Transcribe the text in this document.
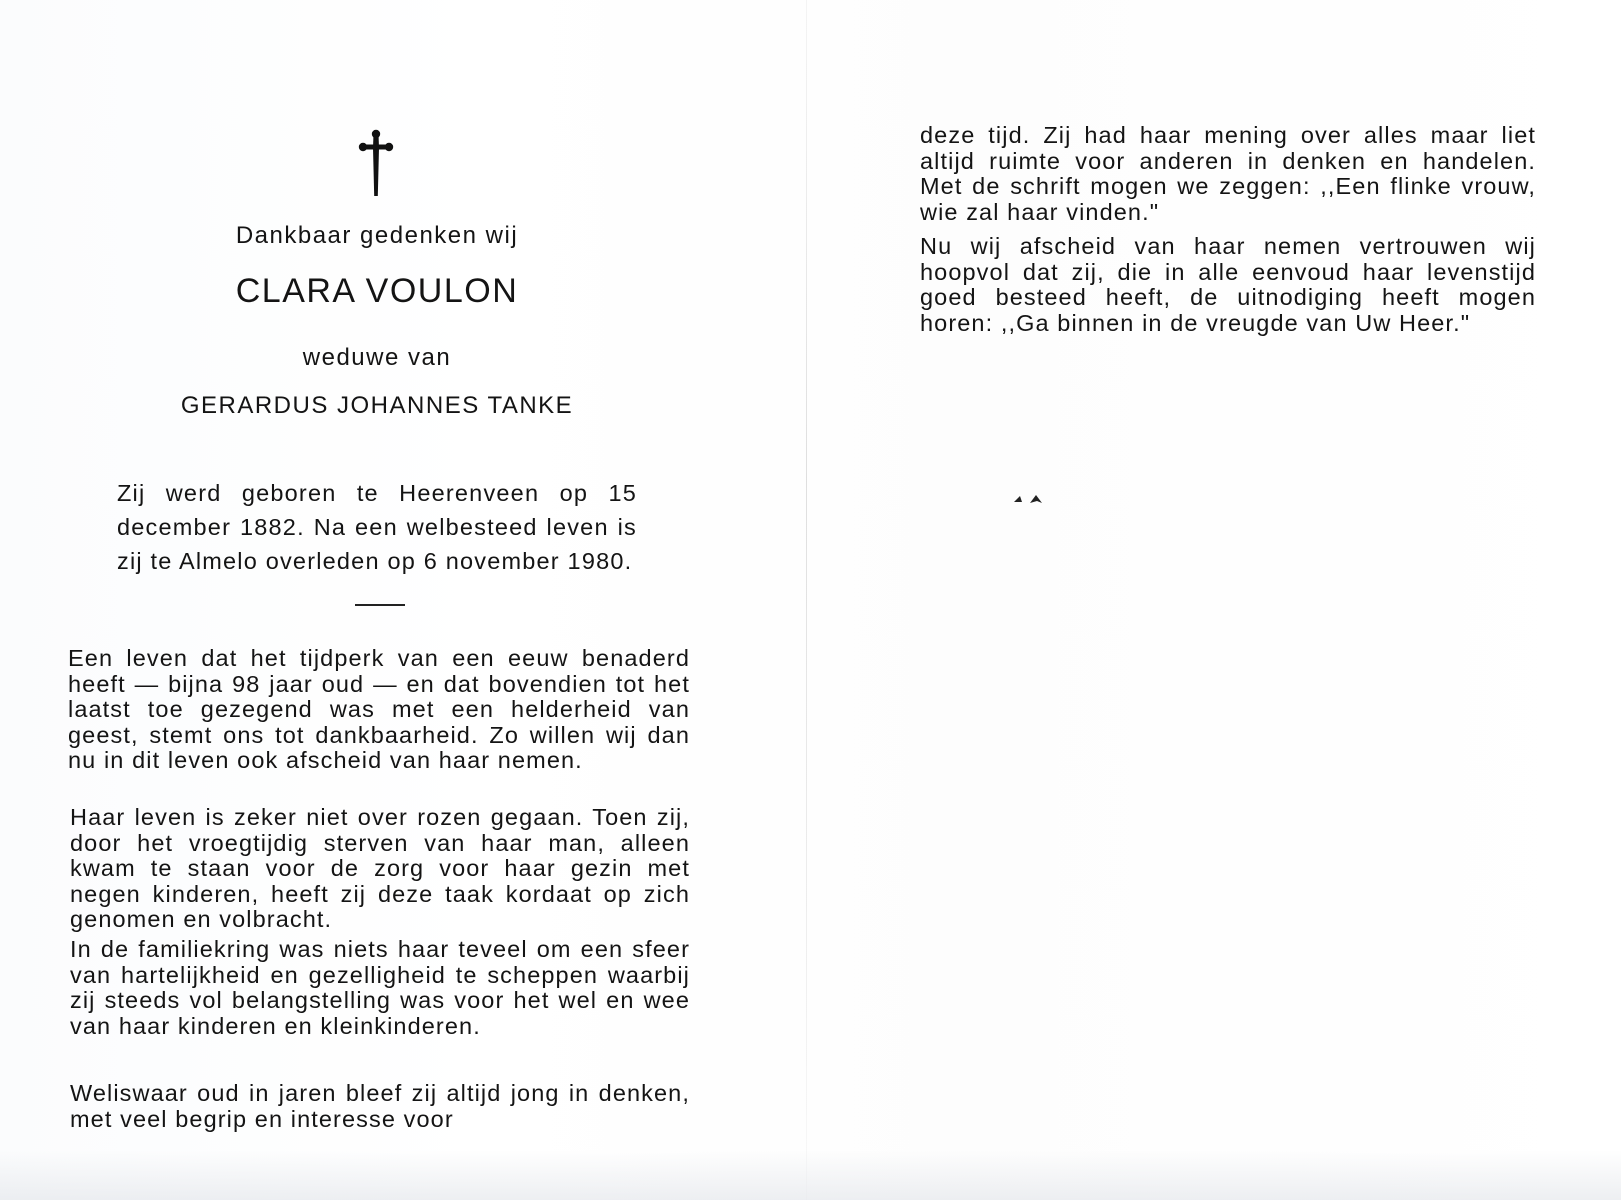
Dankbaar gedenken wij
CLARA VOULON
weduwe van
GERARDUS JOHANNES TANKE

Zij werd geboren te Heerenveen op 15 december 1882. Na een welbesteed leven is zij te Almelo overleden op 6 november 1980.

Een leven dat het tijdperk van een eeuw benaderd heeft — bijna 98 jaar oud — en dat bovendien tot het laatst toe gezegend was met een helderheid van geest, stemt ons tot dankbaarheid. Zo willen wij dan nu in dit leven ook afscheid van haar nemen.

Haar leven is zeker niet over rozen gegaan. Toen zij, door het vroegtijdig sterven van haar man, alleen kwam te staan voor de zorg voor haar gezin met negen kinderen, heeft zij deze taak kordaat op zich genomen en volbracht.

In de familiekring was niets haar teveel om een sfeer van hartelijkheid en gezelligheid te scheppen waarbij zij steeds vol belangstelling was voor het wel en wee van haar kinderen en kleinkinderen.

Weliswaar oud in jaren bleef zij altijd jong in denken, met veel begrip en interesse voor

deze tijd. Zij had haar mening over alles maar liet altijd ruimte voor anderen in denken en handelen. Met de schrift mogen we zeggen: ,,Een flinke vrouw, wie zal haar vinden."

Nu wij afscheid van haar nemen vertrouwen wij hoopvol dat zij, die in alle eenvoud haar levenstijd goed besteed heeft, de uitnodiging heeft mogen horen: ,,Ga binnen in de vreugde van Uw Heer."
